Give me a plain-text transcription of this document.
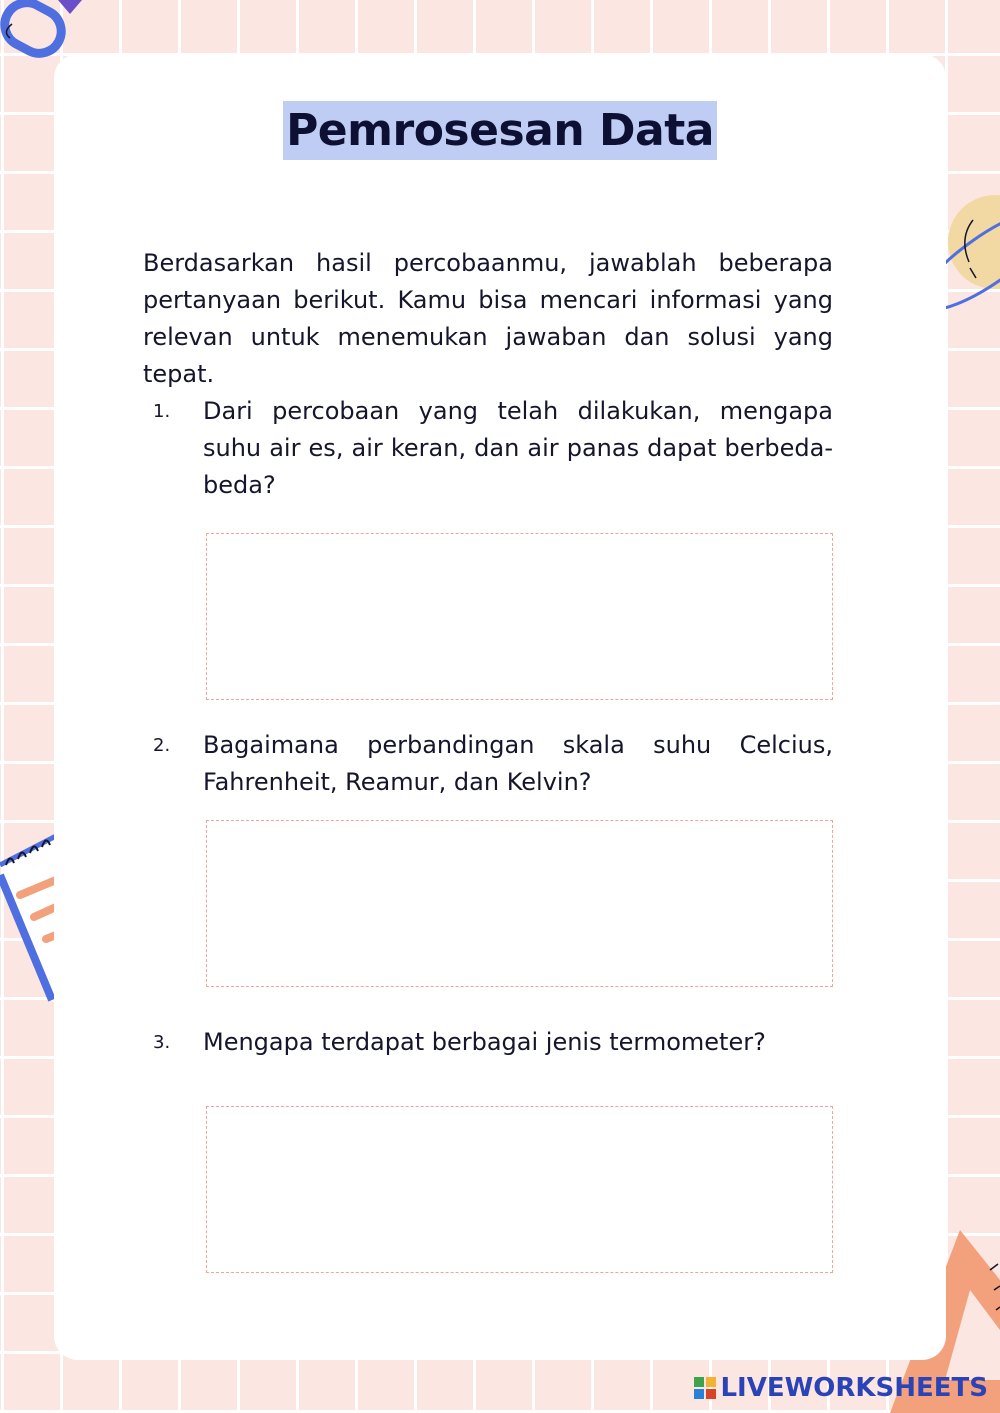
Pemrosesan Data

Berdasarkan hasil percobaanmu, jawablah beberapa pertanyaan berikut. Kamu bisa mencari informasi yang relevan untuk menemukan jawaban dan solusi yang tepat.

1.	Dari percobaan yang telah dilakukan, mengapa suhu air es, air keran, dan air panas dapat berbeda-beda?

2.	Bagaimana perbandingan skala suhu Celcius, Fahrenheit, Reamur, dan Kelvin?

3.	Mengapa terdapat berbagai jenis termometer?

LIVEWORKSHEETS
